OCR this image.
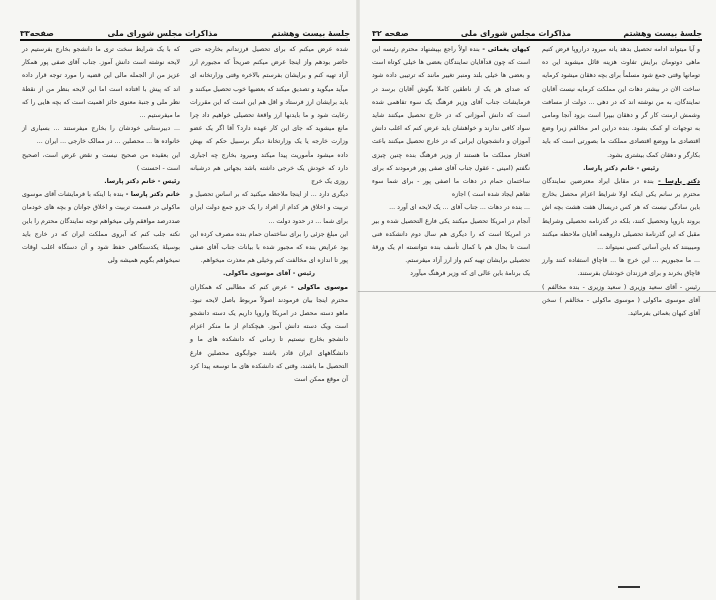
جلسهٔ بیست وهشتم
مذاکرات مجلس شورای ملی
صفحه۳۳
شده عرض میکنم که برای تحصیل فرزندانم بخارجه حتی حاضر بودهم واز اینجا عرض میکنم صریحاً که مجبورم ارز آزاد تهیه کنم و برایشان بفرستم بالاخره وقتی وزارتخانه ای میآید میگوید و تصدیق میکند که بعضیها خوب تحصیل میکنند و باید برایشان ارز فرستاد و اقل هم این است که این مقررات رعایت شود و ما بایدنها ارز واقعهٔ تحصیلی خواهیم داد چرا مانع میشوید که جای این کار عهده دارد؟ آقا اگر یک عضو وزارت خارجه یا یک وزارتخانهٔ دیگر برسبیل حکم که بهش داده میشود مأموریت پیدا میکند ومیرود بخارج چه اجباری دارد که خودش یک خرجی داشته باشد بجهاتی هم درشبانه روزی یک خرج
دیگری دارد ... از اینجا ملاحظه میکنید که بر اساس تحصیل و تربیت و اخلاق هر کدام از افراد را یک جزو جمع دولت ایران برای شما ... در حدود دولت ...
این مبلغ جزئی را برای ساختمان حمام بنده مصرف کرده این بود عرایض بنده که مجبور شده با بیانات جناب آقای صفی پور تا اندازه ای مخالفت کنم وخیلی هم معذرت میخواهم.
رئیس - آقای موسوی ماکولی.
موسوی ماکولی - عرض کنم که مطالبی که همکاران محترم اینجا بیان فرمودند اصولاً مربوط باصل لایحه نبود. ماهو دسته محصل در امریکا واروپا داریم یک دسته دانشجو است ویک دسته دانش آموز. هیچکدام از ما منکر اعزام دانشجو بخارج نیستیم تا زمانی که دانشکده های ما و دانشگاههای ایران قادر باشند جوابگوی محصلین فارغ التحصیل ما باشند، وقتی که دانشکده های ما توسعه پیدا کرد آن موقع ممکن است
که با یک شرایط سخت تری ما دانشجو بخارج بفرستیم در لایحه نوشته است دانش آموز. جناب آقای صفی پور همکار عزیز من از الجمله مالی این قضیه را مورد توجه قرار داده اند که پیش با افتاده است اما این لایحه بنظر من از نقطهٔ نظر ملی و جنبهٔ معنوی حائز اهمیت است که بچه هایی را که ما میفرستیم ...
... دبیرستانی خودشان را بخارج میفرستند ... بسیاری از خانواده ها ... محصلین ... در ممالک خارجی ... ایران ...
این بعقیده من صحیح نیست و نقض غرض است، اصحیح است - احسنت )
رئیس - خانم دکتر پارسا.
خانم دکتر پارسا - بنده با اینکه با فرمایشات آقای موسوی ماکولی در قسمت تربیت و اخلاق جوانان و بچه های خودمان صددرصد موافقم ولی میخواهم توجه نمایندگان محترم را باین نکته جلب کنم که آبروی مملکت ایران که در خارج باید بوسیلهٔ یکدستگاهی حفظ شود و آن دستگاه اغلب اوقات نمیخواهم بگویم همیشه ولی
جلسهٔ بیست وهشتم
مذاکرات مجلس شورای ملی
صفحه ۳۲
و آیا میتواند ادامه تحصیل بدهد یانه میرود دراروپا فرض کنیم ماهی دوتومان برایش تفاوت هزینه قائل میشوید این ده تومانها وقتی جمع شود مسلماً برای بچه دهقان میشود کرمایه ساخت الان در بیشتر دهات این مملکت کرمایه نیست آقایان نمایندگان، به من نوشته اند که در دهی ... دولت از مسافت وشمش ارمنت کار گر و دهقان بیپرا است بزود آنجا ومامی به توجهات او کمک بشود. بنده دراین امر مخالفم زیرا وضع اقتصادی ما ووضع اقتصادی مملکت ما بصورتی است که باید بکارگر و دهقان کمک بیشتری بشود.
رئیس - خانم دکتر پارسا.
دکتر پارسا - بنده در مقابل ایراد معترضین نمایندگان محترم بر سانم یکی اینکه اولا شرایط اعزام محصل بخارج باین سادگی نیست که هر کس دریسال هفت هشت بچه اش بروند باروپا وتحصیل کنند، بلکه در گذرنامه تحصیلی وشرایط مقبل که این گذرنامهٔ تحصیلی داروهمه آقایان ملاحظه میکنند ومیبینند که باین آسانی کسی نمیتواند ...
... ما مجبوریم ... این خرج ها ... قاچاق استفاده کنند وارز قاچاق بخرند و برای فرزندان خودشان بفرستند.
رئیس - آقای سعید وزیری ( سعید وزیری - بنده مخالفم ) آقای موسوی ماکولی ( موسوی ماکولی - مخالفم ) سخن آقای کیهان بغمائی بفرمائید.
کیهان یغمائی - بنده اولاً راجع بپیشنهاد محترم رئیسه این است که چون قدآقایان نمایندگان بعضی ها خیلی کوتاه است و بعضی ها خیلی بلند ومنبر تغییر مانند که ترتیبی داده شود که صدای هر یک از ناطقین کاملا بگوش آقایان برسد در فرمایشات جناب آقای وزیر فرهنگ یک سوء تفاهمی شده است که دانش آموزانی که در خارج تحصیل میکنند شاید سواد کافی ندارند و خواهشان باید عرض کنم که اغلب دانش آموزان و دانشجویان ایرانی که در خارج تحصیل میکنند باعث افتخار مملکت ما هستند از وزیر فرهنگ بنده چنین چیزی نگفتم (امینی - عقول جناب آقای صفی پور فرمودند که برای ساختمان حمام در دهات ما اصفی پور - برای شما سوء تفاهم ایجاد شده است ) اجازه
... بنده در دهات ... جناب آقای ... یک لایحه ای آورد ...
آنجام در امریکا تحصیل میکنند یکی فارغ التحصیل شده و بیر در امریکا است که را دیگری هم سال دوم دانشکده فنی است تا بحال هم با کمال تأسف بنده نتوانسته ام یک ورقهٔ تحصیلی برایشان تهیه کنم واز ارز آزاد میفرستم.
یک برنامهٔ باین عالی ای که وزیر فرهنگ میآورد
